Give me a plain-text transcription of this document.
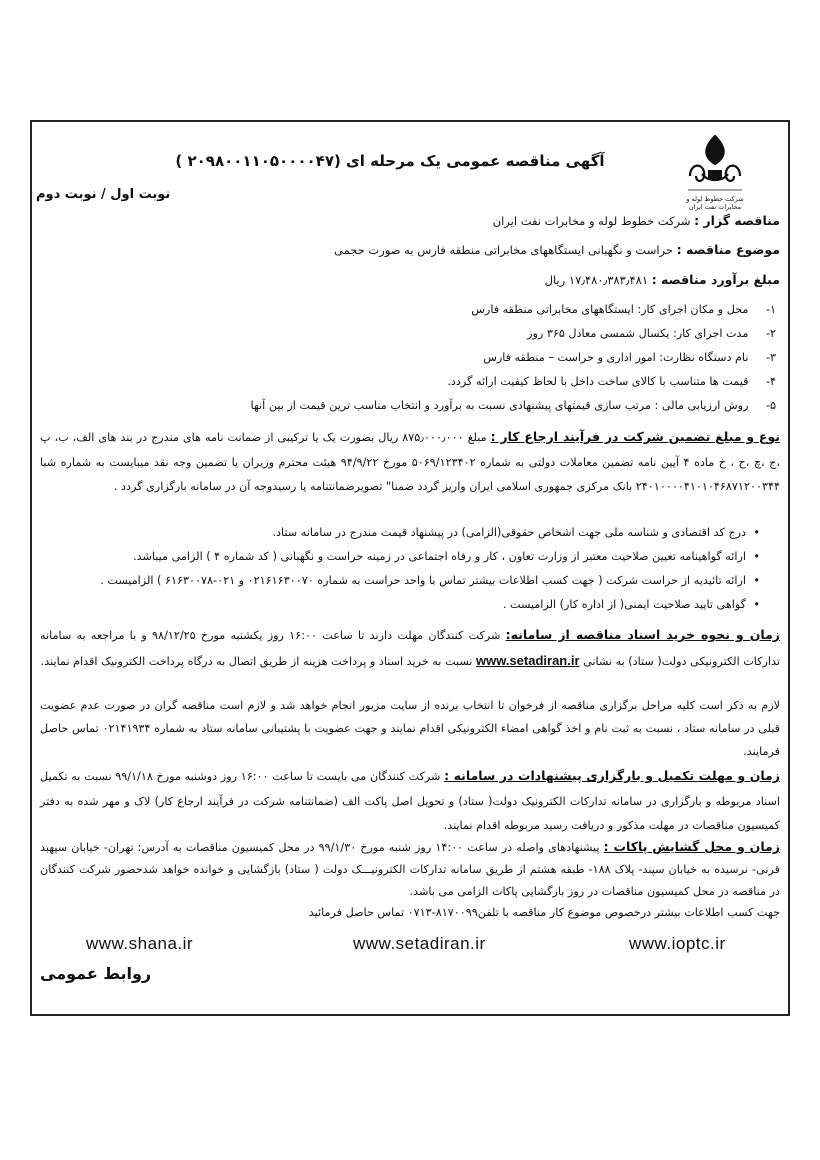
شرکت خطوط لوله و مخابرات نفت ایران
آگهی مناقصه عمومی یک مرحله ای (۲۰۹۸۰۰۱۱۰۵۰۰۰۰۴۷ )
نوبت اول / نوبت دوم
مناقصه گزار : شرکت خطوط لوله و مخابرات نفت ایران
موضوع مناقصه : حراست و نگهبانی ایستگاههای مخابراتی منطقه فارس به صورت حجمی
مبلغ برآورد مناقصه : ۱۷٫۴۸۰٫۳۸۳٫۴۸۱ ریال
۱- محل و مکان اجرای کار: ایستگاههای مخابراتی منطقه فارس
۲- مدت اجرای کار: یکسال شمسی معادل ۳۶۵ روز
۳- نام دستگاه نظارت: امور اداری و حراست – منطقه فارس
۴- قیمت ها متناسب با کالای ساخت داخل با لحاظ کیفیت ارائه گردد.
۵- روش ارزیابی مالی : مرتب سازی قیمتهای پیشنهادی نسبت به برآورد و انتخاب مناسب ترین قیمت از بین آنها
نوع و مبلغ تضمین شرکت در فرآیند ارجاع کار : مبلغ ۸۷۵٫۰۰۰٫۰۰۰ ریال بصورت یک یا ترکیبی از ضمانت نامه های مندرج در بند های الف، ب، پ ،ج ،چ ،ح ، خ ماده ۴ آیین نامه تضمین معاملات دولتی به شماره ۵۰۶۹/۱۲۳۴۰۲ مورخ ۹۴/۹/۲۲ هیئت محترم وزیران یا تضمین وجه نقد میبایست به شماره شبا ۲۴۰۱۰۰۰۰۴۱۰۱۰۴۶۸۷۱۲۰۰۳۴۴ بانک مرکزی جمهوری اسلامی ایران واریز گردد ضمنا" تصویرضمانتنامه یا رسیدوجه آن در سامانه بارگزاری گردد .
•درج کد اقتصادی و شناسه ملی جهت اشخاص حقوقی(الزامی) در پیشنهاد قیمت مندرج در سامانه ستاد.
•ارائه گواهینامه تعیین صلاحیت معتبر از وزارت تعاون ، کار و رفاه اجتماعی در زمینه حراست و نگهبانی ( کد شماره ۴ ) الزامی میباشد.
•ارائه تائیدیه از حراست شرکت ( جهت کسب اطلاعات بیشتر تماس با واحد حراست به شماره ۰۲۱۶۱۶۳۰۰۷۰ و ۰۲۱-۶۱۶۳۰۰۷۸ ) الزامیست .
•گواهی تایید صلاحیت ایمنی( از اداره کار) الزامیست .
زمان و نحوه خرید اسناد مناقصه از سامانه: شرکت کنندگان مهلت دارند تا ساعت ۱۶:۰۰ روز یکشنبه مورخ ۹۸/۱۲/۲۵ و با مراجعه به سامانه تدارکات الکترونیکی دولت( ستاد) به نشانی www.setadiran.ir نسبت به خرید اسناد و پرداخت هزینه از طریق اتصال به درگاه پرداخت الکترونیک اقدام نمایند.
لازم به ذکر است کلیه مراحل برگزاری مناقصه از فرخوان تا انتخاب برنده از سایت مزبور انجام خواهد شد و لازم است مناقصه گران در صورت عدم عضویت قبلی در سامانه ستاد ، نسبت به ثبت نام و اخذ گواهی امضاء الکترونیکی اقدام نمایند و جهت عضویت با پشتیبانی سامانه ستاد به شماره ۰۲۱۴۱۹۳۴ تماس حاصل فرمایند.
زمان و مهلت تکمیل و بارگزاری پیشنهادات در سامانه : شرکت کنندگان می بایست تا ساعت ۱۶:۰۰ روز دوشنبه مورخ ۹۹/۱/۱۸ نسبت به تکمیل اسناد مربوطه و بارگزاری در سامانه تدارکات الکترونیک دولت( ستاد) و تحویل اصل پاکت الف (ضمانتنامه شرکت در فرآیند ارجاع کار) لاک و مهر شده به دفتر کمیسیون مناقصات در مهلت مذکور و دریافت رسید مربوطه اقدام نمایند.
زمان و محل گشایش پاکات : پیشنهادهای واصله در ساعت ۱۴:۰۰ روز شنبه مورخ ۹۹/۱/۳۰ در محل کمیسیون مناقصات به آدرس: تهران- خیابان سپهبد قرنی- نرسیده به خیابان سپند- پلاک ۱۸۸- طبقه هشتم از طریق سامانه تدارکات الکترونیـــک دولت ( ستاد) بازگشایی و خوانده خواهد شدحضور شرکت کنندگان در مناقصه در محل کمیسیون مناقصات در روز بازگشایی پاکات الزامی می باشد.
جهت کسب اطلاعات بیشتر درخصوص موضوع کار مناقصه با تلفن۸۱۷۰۰۹۹-۰۷۱۳ تماس حاصل فرمائید
www.shana.ir	www.setadiran.ir	www.ioptc.ir
روابط عمومی
